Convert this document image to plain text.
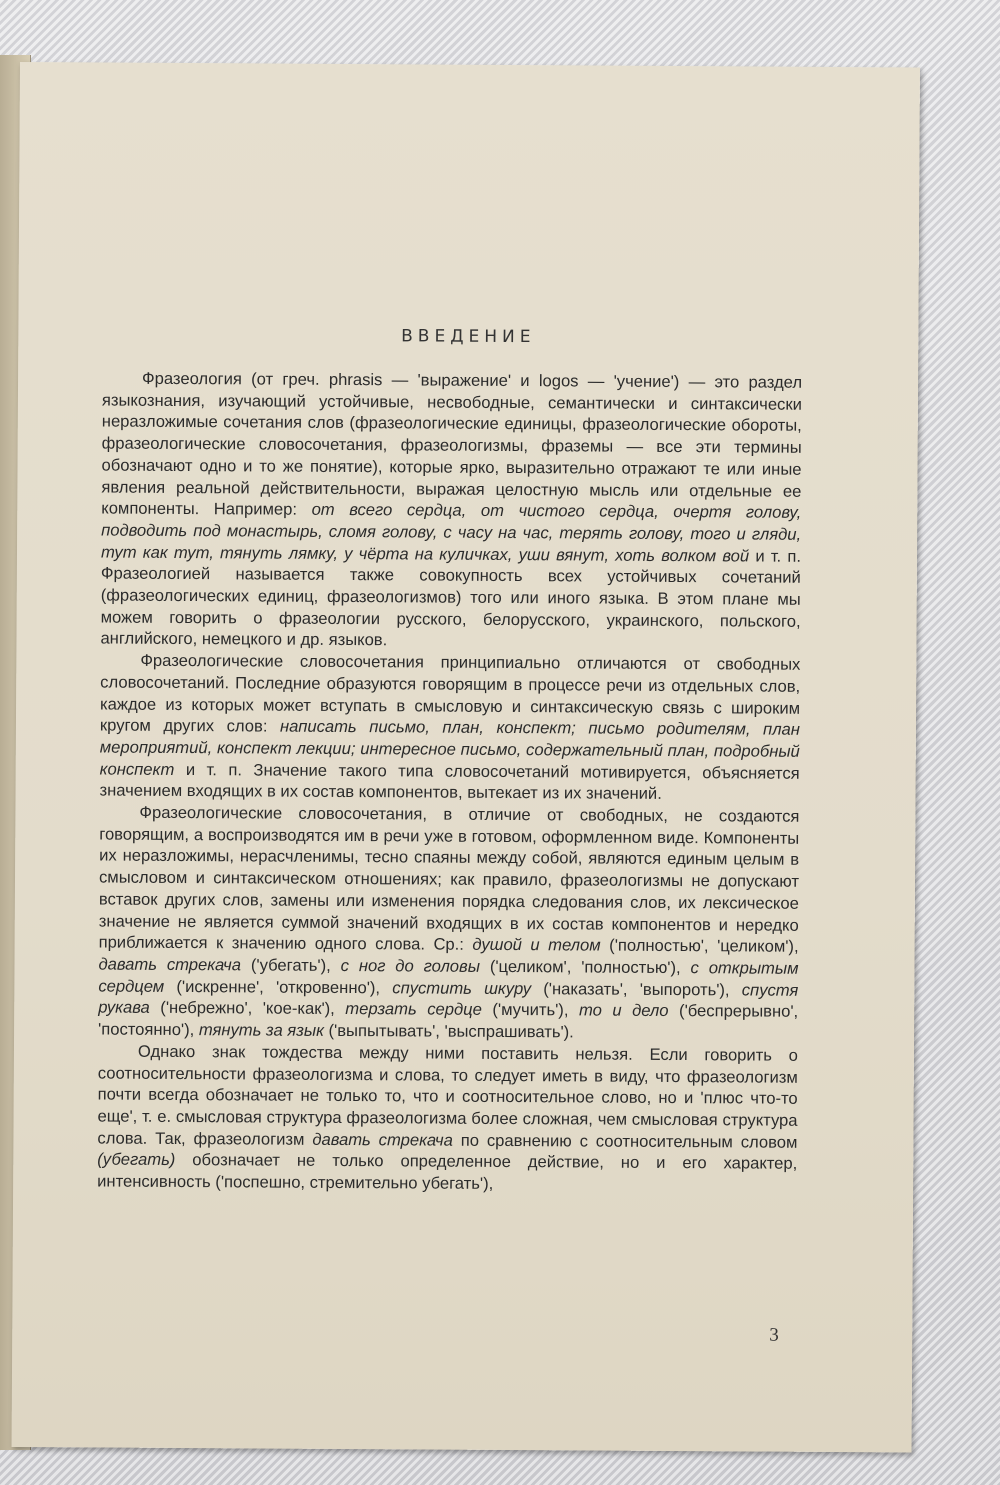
ВВЕДЕНИЕ

Фразеология (от греч. phrasis — 'выражение' и logos — 'учение') — это раздел языкознания, изучающий устойчивые, несвободные, семантически и синтаксически неразложимые сочетания слов (фразеологические единицы, фразеологические обороты, фразеологические словосочетания, фразеологизмы, фраземы — все эти термины обозначают одно и то же понятие), которые ярко, выразительно отражают те или иные явления реальной действительности, выражая целостную мысль или отдельные ее компоненты. Например: от всего сердца, от чистого сердца, очертя голову, подводить под монастырь, сломя голову, с часу на час, терять голову, того и гляди, тут как тут, тянуть лямку, у чёрта на куличках, уши вянут, хоть волком вой и т. п. Фразеологией называется также совокупность всех устойчивых сочетаний (фразеологических единиц, фразеологизмов) того или иного языка. В этом плане мы можем говорить о фразеологии русского, белорусского, украинского, польского, английского, немецкого и др. языков.

Фразеологические словосочетания принципиально отличаются от свободных словосочетаний. Последние образуются говорящим в процессе речи из отдельных слов, каждое из которых может вступать в смысловую и синтаксическую связь с широким кругом других слов: написать письмо, план, конспект; письмо родителям, план мероприятий, конспект лекции; интересное письмо, содержательный план, подробный конспект и т. п. Значение такого типа словосочетаний мотивируется, объясняется значением входящих в их состав компонентов, вытекает из их значений.

Фразеологические словосочетания, в отличие от свободных, не создаются говорящим, а воспроизводятся им в речи уже в готовом, оформленном виде. Компоненты их неразложимы, нерасчленимы, тесно спаяны между собой, являются единым целым в смысловом и синтаксическом отношениях; как правило, фразеологизмы не допускают вставок других слов, замены или изменения порядка следования слов, их лексическое значение не является суммой значений входящих в их состав компонентов и нередко приближается к значению одного слова. Ср.: душой и телом ('полностью', 'целиком'), давать стрекача ('убегать'), с ног до головы ('целиком', 'полностью'), с открытым сердцем ('искренне', 'откровенно'), спустить шкуру ('наказать', 'выпороть'), спустя рукава ('небрежно', 'кое-как'), терзать сердце ('мучить'), то и дело ('беспрерывно', 'постоянно'), тянуть за язык ('выпытывать', 'выспрашивать').

Однако знак тождества между ними поставить нельзя. Если говорить о соотносительности фразеологизма и слова, то следует иметь в виду, что фразеологизм почти всегда обозначает не только то, что и соотносительное слово, но и 'плюс что-то еще', т. е. смысловая структура фразеологизма более сложная, чем смысловая структура слова. Так, фразеологизм давать стрекача по сравнению с соотносительным словом (убегать) обозначает не только определенное действие, но и его характер, интенсивность ('поспешно, стремительно убегать'),

3
